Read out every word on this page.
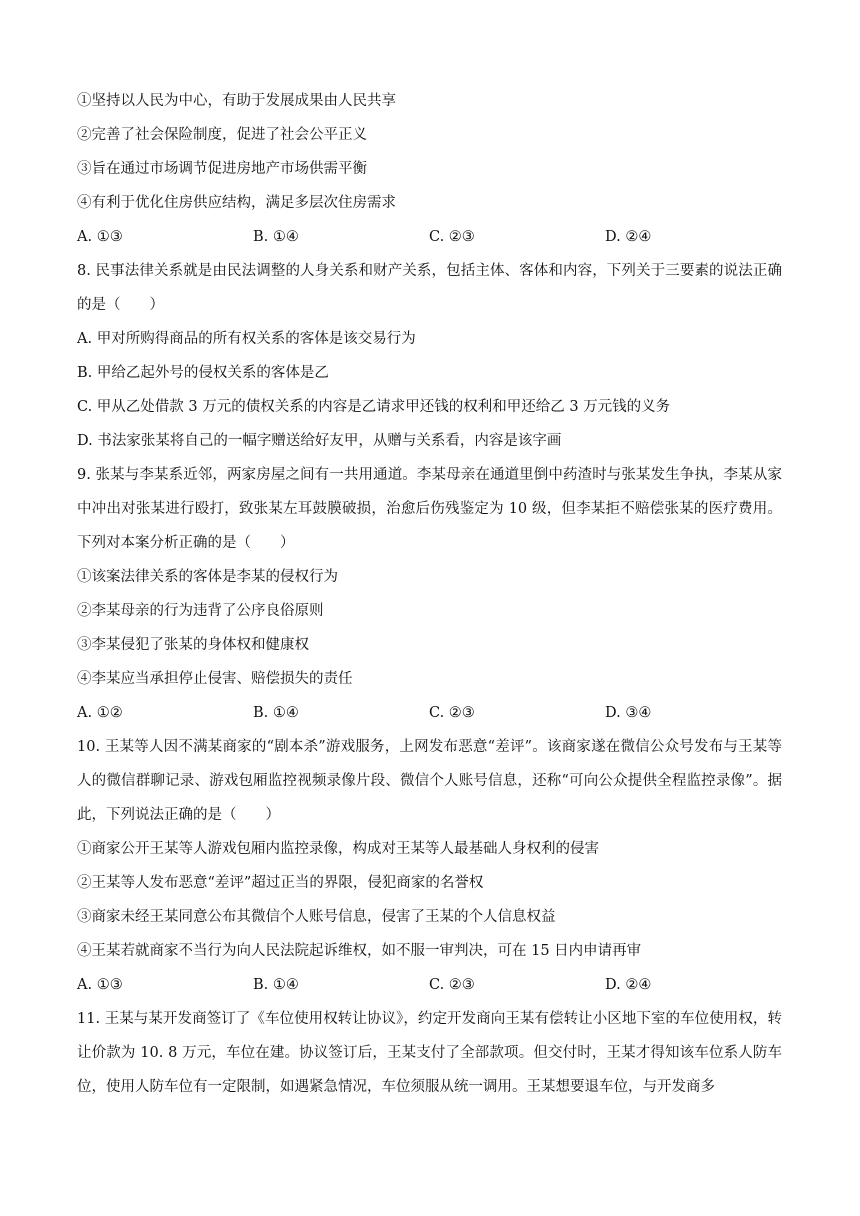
①坚持以人民为中心，有助于发展成果由人民共享
②完善了社会保险制度，促进了社会公平正义
③旨在通过市场调节促进房地产市场供需平衡
④有利于优化住房供应结构，满足多层次住房需求
A. ①③	B. ①④	C. ②③	D. ②④
8. 民事法律关系就是由民法调整的人身关系和财产关系，包括主体、客体和内容，下列关于三要素的说法正确的是（　　）
A. 甲对所购得商品的所有权关系的客体是该交易行为
B. 甲给乙起外号的侵权关系的客体是乙
C. 甲从乙处借款 3 万元的债权关系的内容是乙请求甲还钱的权利和甲还给乙 3 万元钱的义务
D. 书法家张某将自己的一幅字赠送给好友甲，从赠与关系看，内容是该字画
9. 张某与李某系近邻，两家房屋之间有一共用通道。李某母亲在通道里倒中药渣时与张某发生争执，李某从家中冲出对张某进行殴打，致张某左耳鼓膜破损，治愈后伤残鉴定为 10 级，但李某拒不赔偿张某的医疗费用。下列对本案分析正确的是（　　）
①该案法律关系的客体是李某的侵权行为
②李某母亲的行为违背了公序良俗原则
③李某侵犯了张某的身体权和健康权
④李某应当承担停止侵害、赔偿损失的责任
A. ①②	B. ①④	C. ②③	D. ③④
10. 王某等人因不满某商家的“剧本杀”游戏服务，上网发布恶意“差评”。该商家遂在微信公众号发布与王某等人的微信群聊记录、游戏包厢监控视频录像片段、微信个人账号信息，还称“可向公众提供全程监控录像”。据此，下列说法正确的是（　　）
①商家公开王某等人游戏包厢内监控录像，构成对王某等人最基础人身权利的侵害
②王某等人发布恶意“差评”超过正当的界限，侵犯商家的名誉权
③商家未经王某同意公布其微信个人账号信息，侵害了王某的个人信息权益
④王某若就商家不当行为向人民法院起诉维权，如不服一审判决，可在 15 日内申请再审
A. ①③	B. ①④	C. ②③	D. ②④
11. 王某与某开发商签订了《车位使用权转让协议》，约定开发商向王某有偿转让小区地下室的车位使用权，转让价款为 10. 8 万元，车位在建。协议签订后，王某支付了全部款项。但交付时，王某才得知该车位系人防车位，使用人防车位有一定限制，如遇紧急情况，车位须服从统一调用。王某想要退车位，与开发商多
